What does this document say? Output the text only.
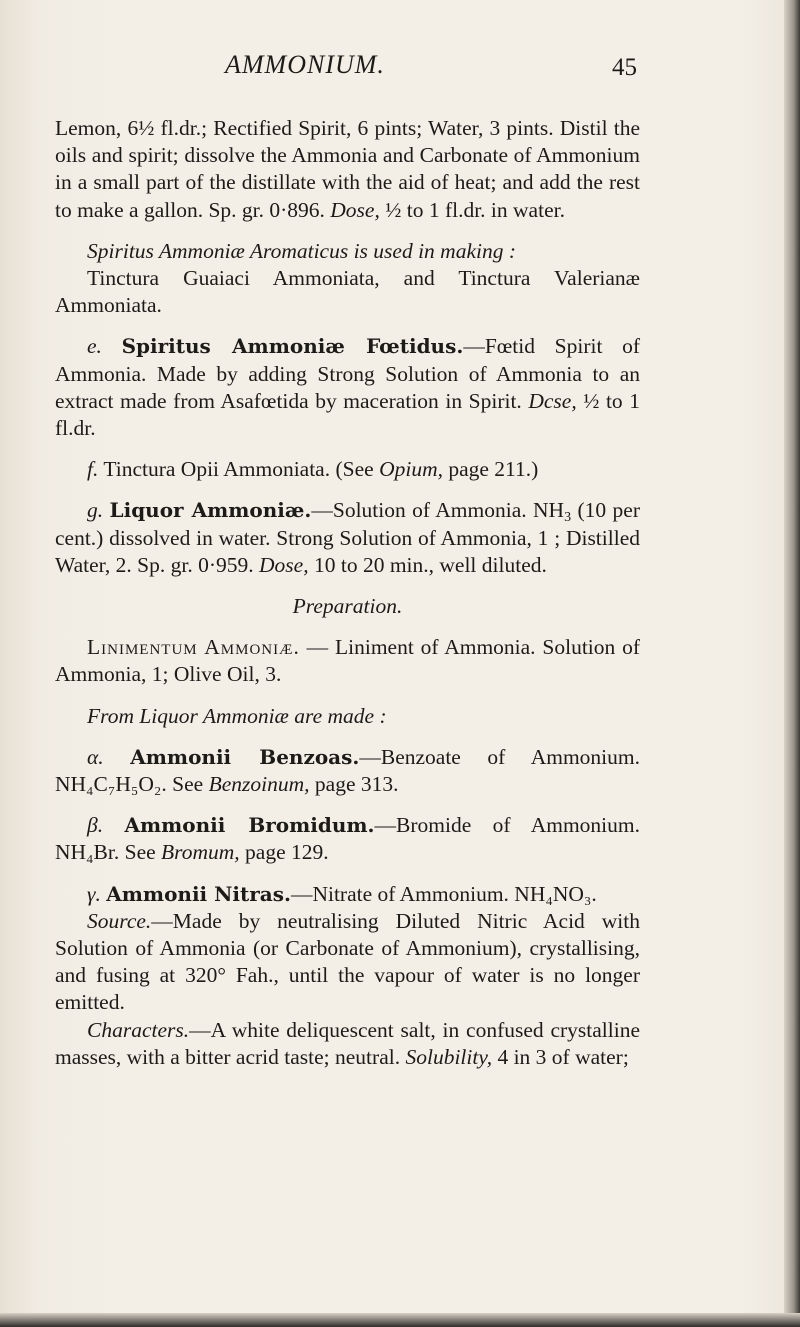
AMMONIUM.	45

Lemon, 6½ fl.dr.; Rectified Spirit, 6 pints; Water, 3 pints. Distil the oils and spirit; dissolve the Ammonia and Carbonate of Ammonium in a small part of the distillate with the aid of heat; and add the rest to make a gallon. Sp. gr. 0·896. Dose, ½ to 1 fl.dr. in water.

Spiritus Ammoniæ Aromaticus is used in making :

Tinctura Guaiaci Ammoniata, and Tinctura Valerianæ Ammoniata.

e. Spiritus Ammoniæ Fœtidus.—Fœtid Spirit of Ammonia. Made by adding Strong Solution of Ammonia to an extract made from Asafœtida by maceration in Spirit. Dcse, ½ to 1 fl.dr.

f. Tinctura Opii Ammoniata. (See Opium, page 211.)

g. Liquor Ammoniæ.—Solution of Ammonia. $NH_3$ (10 per cent.) dissolved in water. Strong Solution of Ammonia, 1 ; Distilled Water, 2. Sp. gr. 0·959. Dose, 10 to 20 min., well diluted.

Preparation.

Linimentum Ammoniæ. — Liniment of Ammonia. Solution of Ammonia, 1; Olive Oil, 3.

From Liquor Ammoniæ are made :

α. Ammonii Benzoas.—Benzoate of Ammonium. NH₄C₇H₅O₂. See Benzoinum, page 313.

β. Ammonii Bromidum.—Bromide of Ammonium. NH₄Br. See Bromum, page 129.

γ. Ammonii Nitras.—Nitrate of Ammonium. NH₄NO₃.

Source.—Made by neutralising Diluted Nitric Acid with Solution of Ammonia (or Carbonate of Ammonium), crystallising, and fusing at 320° Fah., until the vapour of water is no longer emitted.

Characters.—A white deliquescent salt, in confused crystalline masses, with a bitter acrid taste; neutral. Solubility, 4 in 3 of water;
